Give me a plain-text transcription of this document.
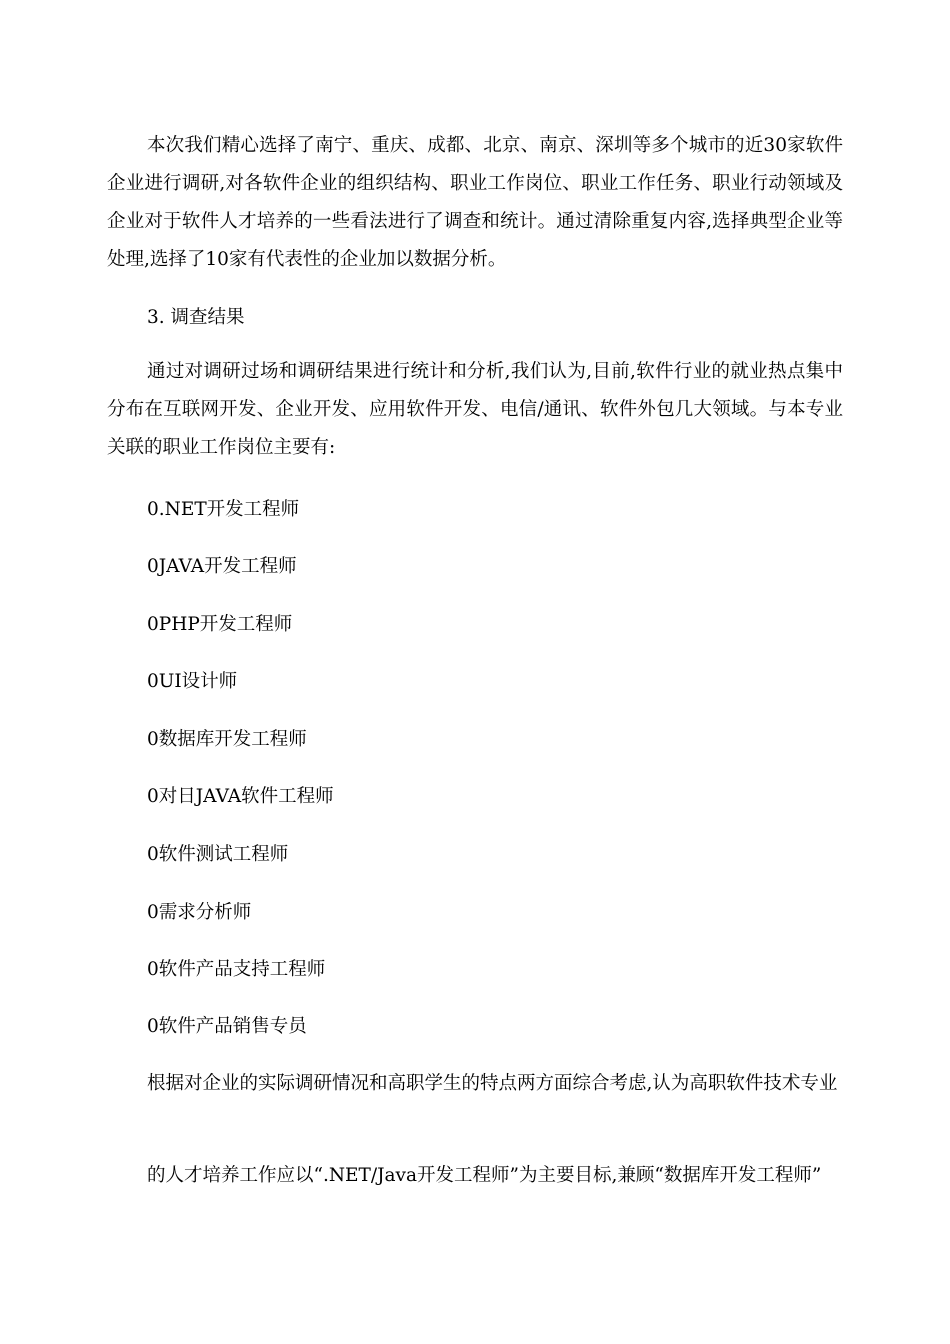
本次我们精心选择了南宁、重庆、成都、北京、南京、深圳等多个城市的近30家软件企业进行调研,对各软件企业的组织结构、职业工作岗位、职业工作任务、职业行动领域及企业对于软件人才培养的一些看法进行了调查和统计。通过清除重复内容,选择典型企业等处理,选择了10家有代表性的企业加以数据分析。

3. 调查结果

通过对调研过场和调研结果进行统计和分析,我们认为,目前,软件行业的就业热点集中分布在互联网开发、企业开发、应用软件开发、电信/通讯、软件外包几大领域。与本专业关联的职业工作岗位主要有:

0.NET开发工程师

0JAVA开发工程师

0PHP开发工程师

0UI设计师

0数据库开发工程师

0对日JAVA软件工程师

0软件测试工程师

0需求分析师

0软件产品支持工程师

0软件产品销售专员

根据对企业的实际调研情况和高职学生的特点两方面综合考虑,认为高职软件技术专业

的人才培养工作应以“.NET/Java开发工程师”为主要目标,兼顾“数据库开发工程师”
